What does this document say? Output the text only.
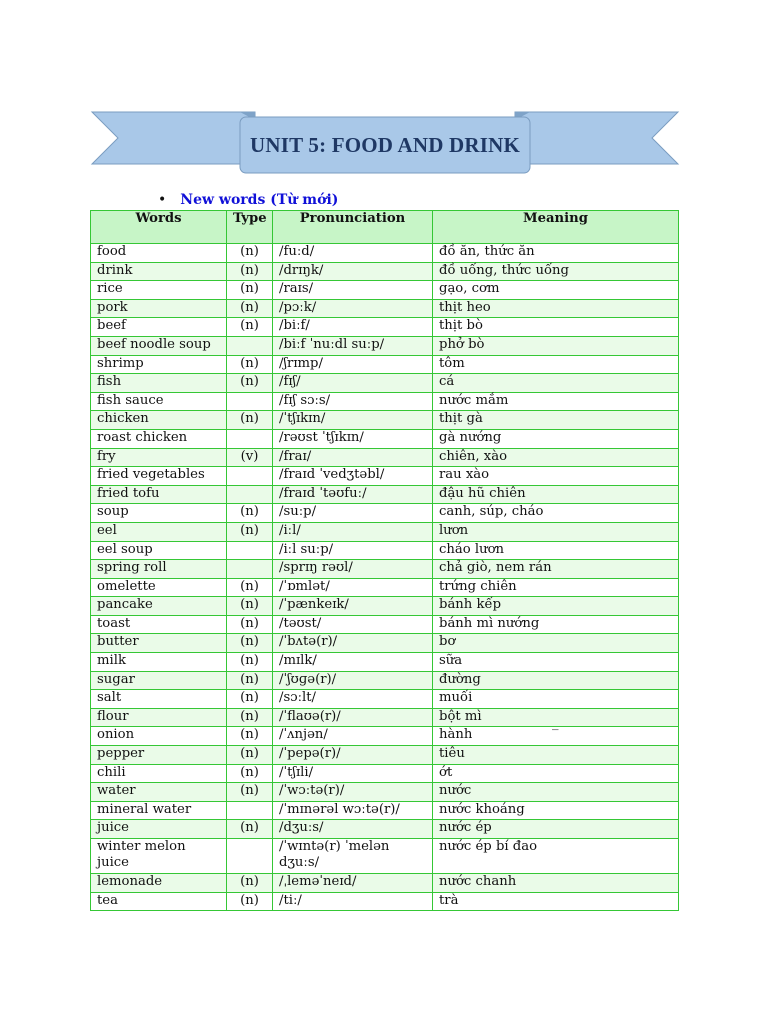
UNIT 5: FOOD AND DRINK
• New words (Từ mới)
Words	Type	Pronunciation	Meaning
food	(n)	/fuːd/	đồ ăn, thức ăn
drink	(n)	/drɪŋk/	đồ uống, thức uống
rice	(n)	/raɪs/	gạo, cơm
pork	(n)	/pɔːk/	thịt heo
beef	(n)	/biːf/	thịt bò
beef noodle soup		/biːf ˈnuːdl suːp/	phở bò
shrimp	(n)	/ʃrɪmp/	tôm
fish	(n)	/fɪʃ/	cá
fish sauce		/fɪʃ sɔːs/	nước mắm
chicken	(n)	/ˈtʃɪkɪn/	thịt gà
roast chicken		/rəʊst ˈtʃɪkɪn/	gà nướng
fry	(v)	/fraɪ/	chiên, xào
fried vegetables		/fraɪd ˈvedʒtəbl/	rau xào
fried tofu		/fraɪd ˈtəʊfuː/	đậu hũ chiên
soup	(n)	/suːp/	canh, súp, cháo
eel	(n)	/iːl/	lươn
eel soup		/iːl suːp/	cháo lươn
spring roll		/sprɪŋ rəʊl/	chả giò, nem rán
omelette	(n)	/ˈɒmlət/	trứng chiên
pancake	(n)	/ˈpænkeɪk/	bánh kếp
toast	(n)	/təʊst/	bánh mì nướng
butter	(n)	/ˈbʌtə(r)/	bơ
milk	(n)	/mɪlk/	sữa
sugar	(n)	/ˈʃʊɡə(r)/	đường
salt	(n)	/sɔːlt/	muối
flour	(n)	/ˈflaʊə(r)/	bột mì
onion	(n)	/ˈʌnjən/	hành
pepper	(n)	/ˈpepə(r)/	tiêu
chili	(n)	/ˈtʃɪli/	ớt
water	(n)	/ˈwɔːtə(r)/	nước
mineral water		/ˈmɪnərəl wɔːtə(r)/	nước khoáng
juice	(n)	/dʒuːs/	nước ép
winter melon juice		/ˈwɪntə(r) ˈmelən dʒuːs/	nước ép bí đao
lemonade	(n)	/ˌleməˈneɪd/	nước chanh
tea	(n)	/tiː/	trà
_
